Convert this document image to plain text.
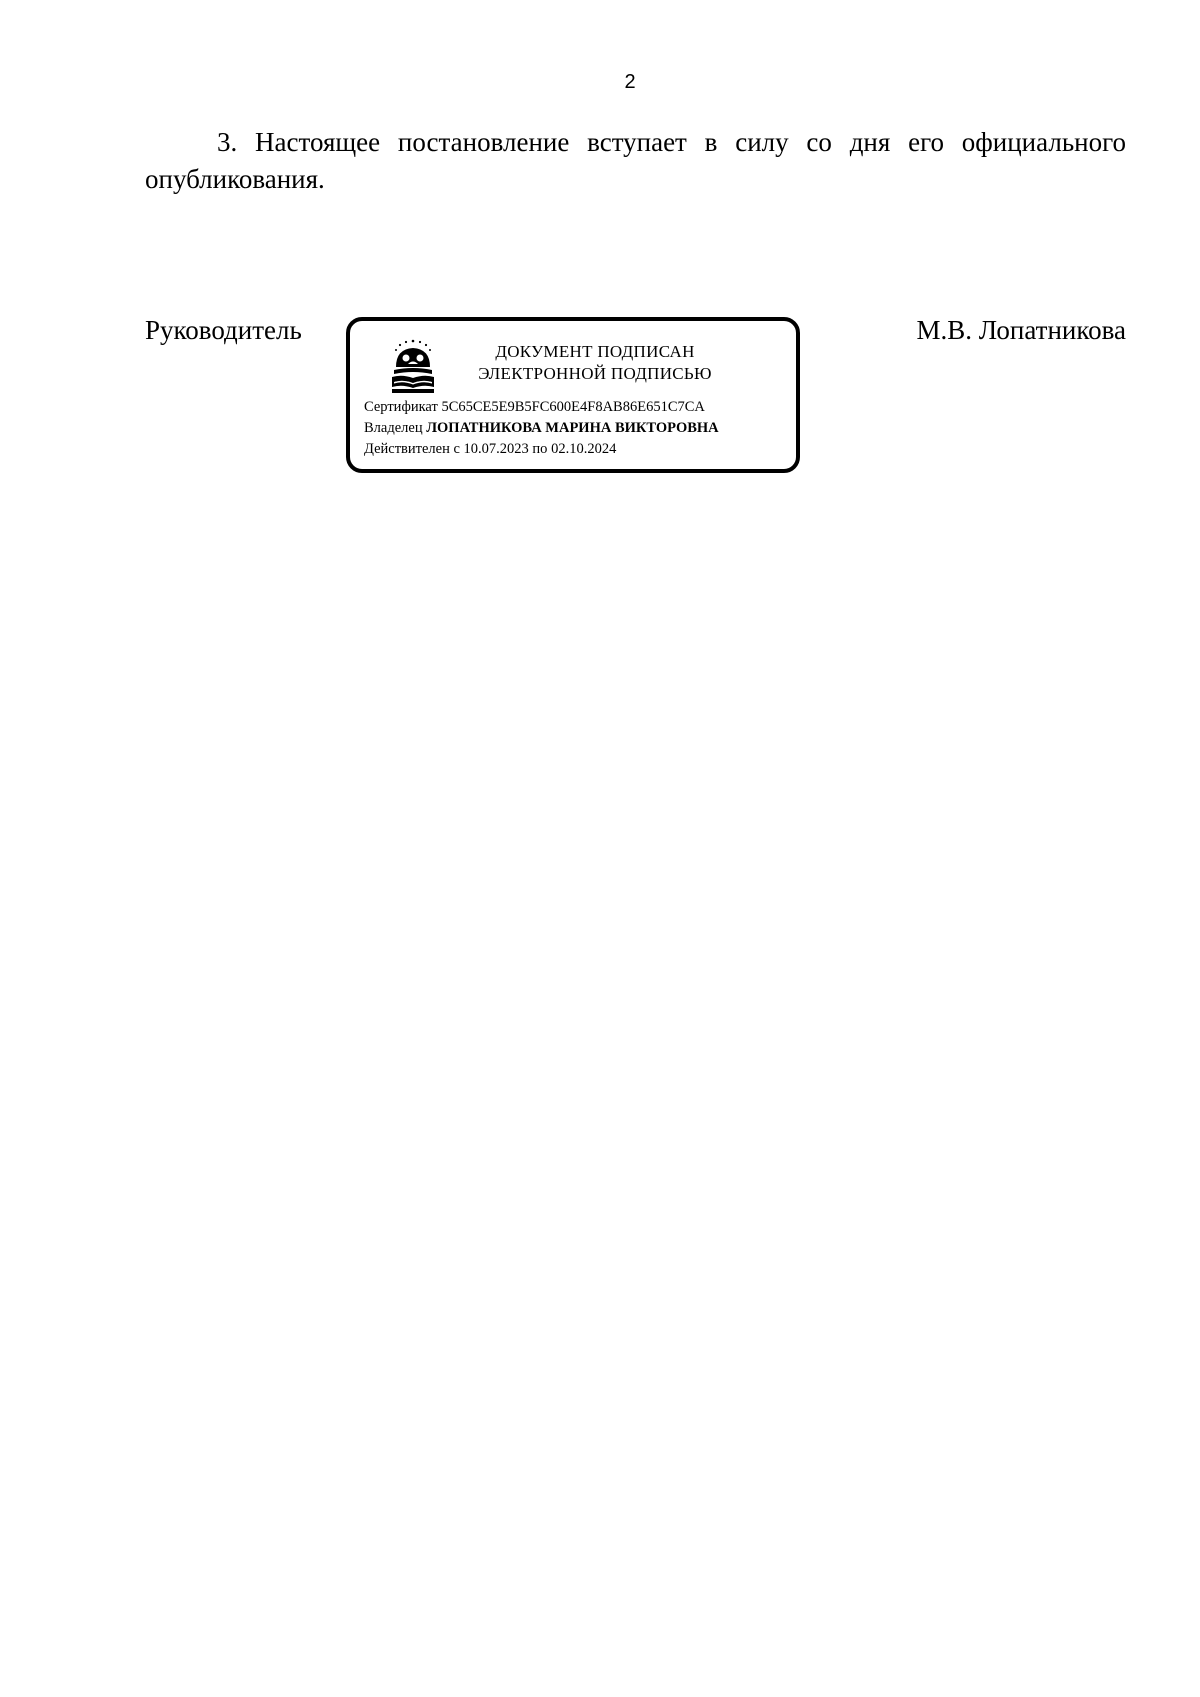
2

3. Настоящее постановление вступает в силу со дня его официального опубликования.

Руководитель
ДОКУМЕНТ ПОДПИСАН
ЭЛЕКТРОННОЙ ПОДПИСЬЮ
Сертификат 5C65CE5E9B5FC600E4F8AB86E651C7CA
Владелец ЛОПАТНИКОВА МАРИНА ВИКТОРОВНА
Действителен с 10.07.2023 по 02.10.2024
М.В. Лопатникова
